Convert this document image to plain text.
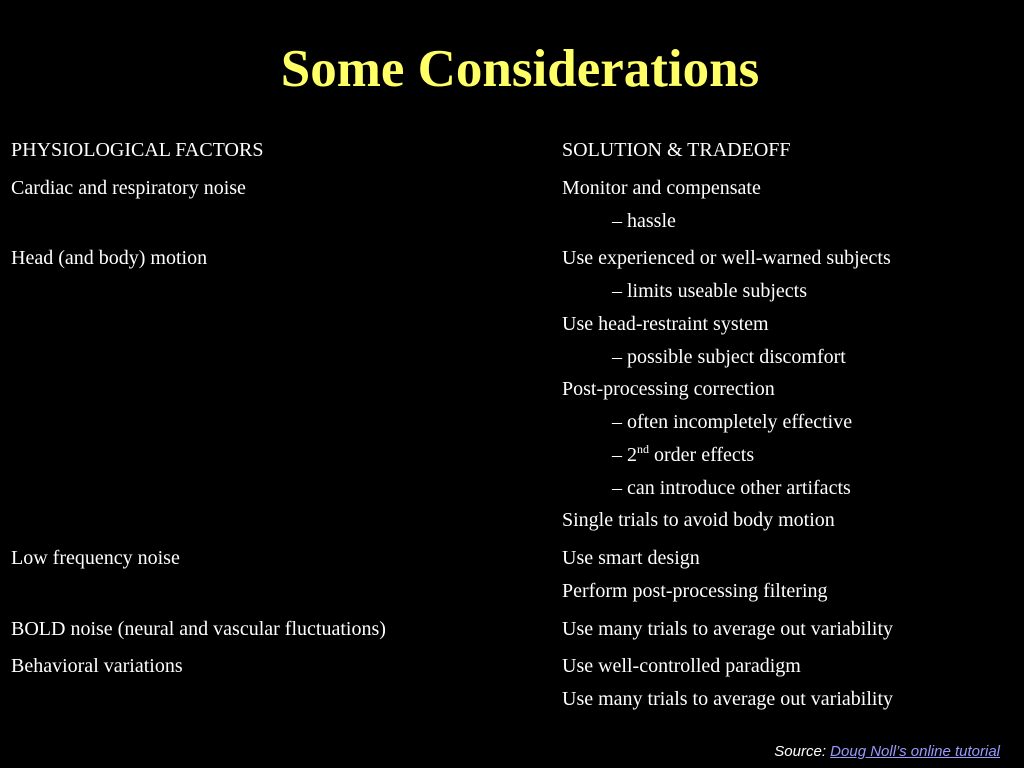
Some Considerations
PHYSIOLOGICAL FACTORS
Cardiac and respiratory noise
Head (and body) motion
Low frequency noise
BOLD noise (neural and vascular fluctuations)
Behavioral variations
SOLUTION & TRADEOFF
Monitor and compensate
– hassle
Use experienced or well-warned subjects
– limits useable subjects
Use head-restraint system
– possible subject discomfort
Post-processing correction
– often incompletely effective
– 2nd order effects
– can introduce other artifacts
Single trials to avoid body motion
Use smart design
Perform post-processing filtering
Use many trials to average out variability
Use well-controlled paradigm
Use many trials to average out variability
Source: Doug Noll’s online tutorial
